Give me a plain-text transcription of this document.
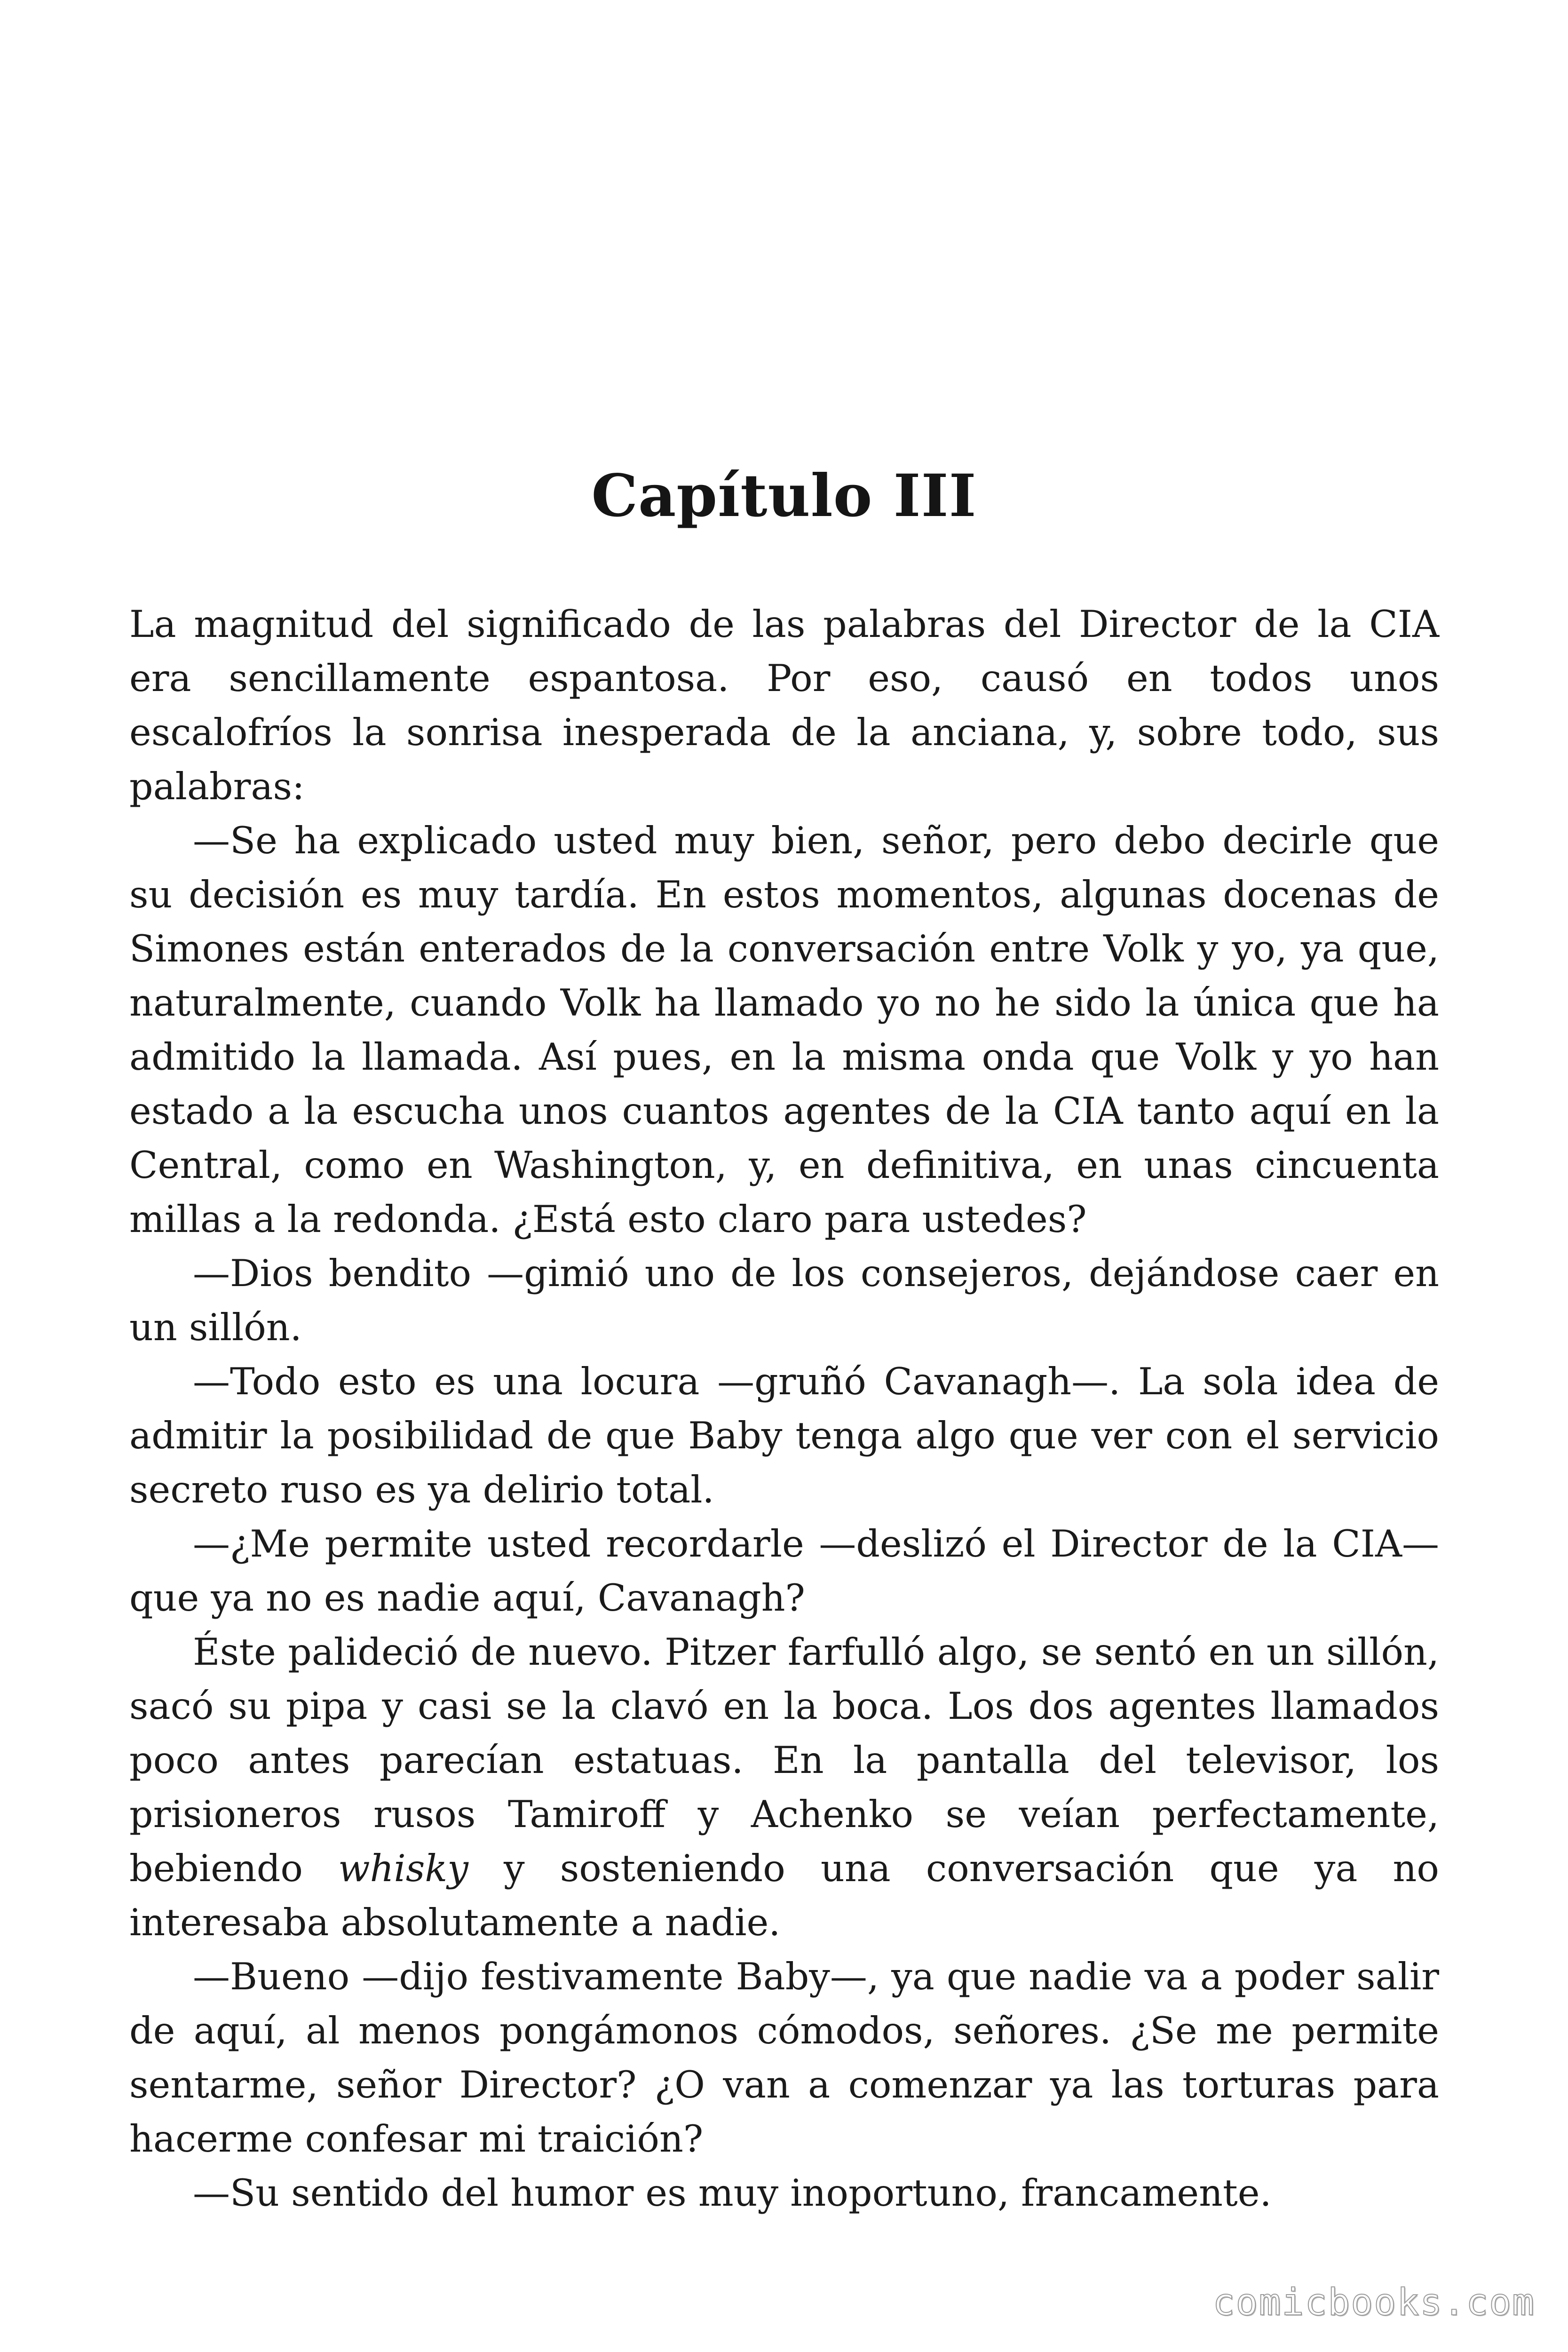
Capítulo III

La magnitud del significado de las palabras del Director de la CIA era sencillamente espantosa. Por eso, causó en todos unos escalofríos la sonrisa inesperada de la anciana, y, sobre todo, sus palabras:

—Se ha explicado usted muy bien, señor, pero debo decirle que su decisión es muy tardía. En estos momentos, algunas docenas de Simones están enterados de la conversación entre Volk y yo, ya que, naturalmente, cuando Volk ha llamado yo no he sido la única que ha admitido la llamada. Así pues, en la misma onda que Volk y yo han estado a la escucha unos cuantos agentes de la CIA tanto aquí en la Central, como en Washington, y, en definitiva, en unas cincuenta millas a la redonda. ¿Está esto claro para ustedes?

—Dios bendito —gimió uno de los consejeros, dejándose caer en un sillón.

—Todo esto es una locura —gruñó Cavanagh—. La sola idea de admitir la posibilidad de que Baby tenga algo que ver con el servicio secreto ruso es ya delirio total.

—¿Me permite usted recordarle —deslizó el Director de la CIA— que ya no es nadie aquí, Cavanagh?

Éste palideció de nuevo. Pitzer farfulló algo, se sentó en un sillón, sacó su pipa y casi se la clavó en la boca. Los dos agentes llamados poco antes parecían estatuas. En la pantalla del televisor, los prisioneros rusos Tamiroff y Achenko se veían perfectamente, bebiendo whisky y sosteniendo una conversación que ya no interesaba absolutamente a nadie.

—Bueno —dijo festivamente Baby—, ya que nadie va a poder salir de aquí, al menos pongámonos cómodos, señores. ¿Se me permite sentarme, señor Director? ¿O van a comenzar ya las torturas para hacerme confesar mi traición?

—Su sentido del humor es muy inoportuno, francamente.

comicbooks.com
